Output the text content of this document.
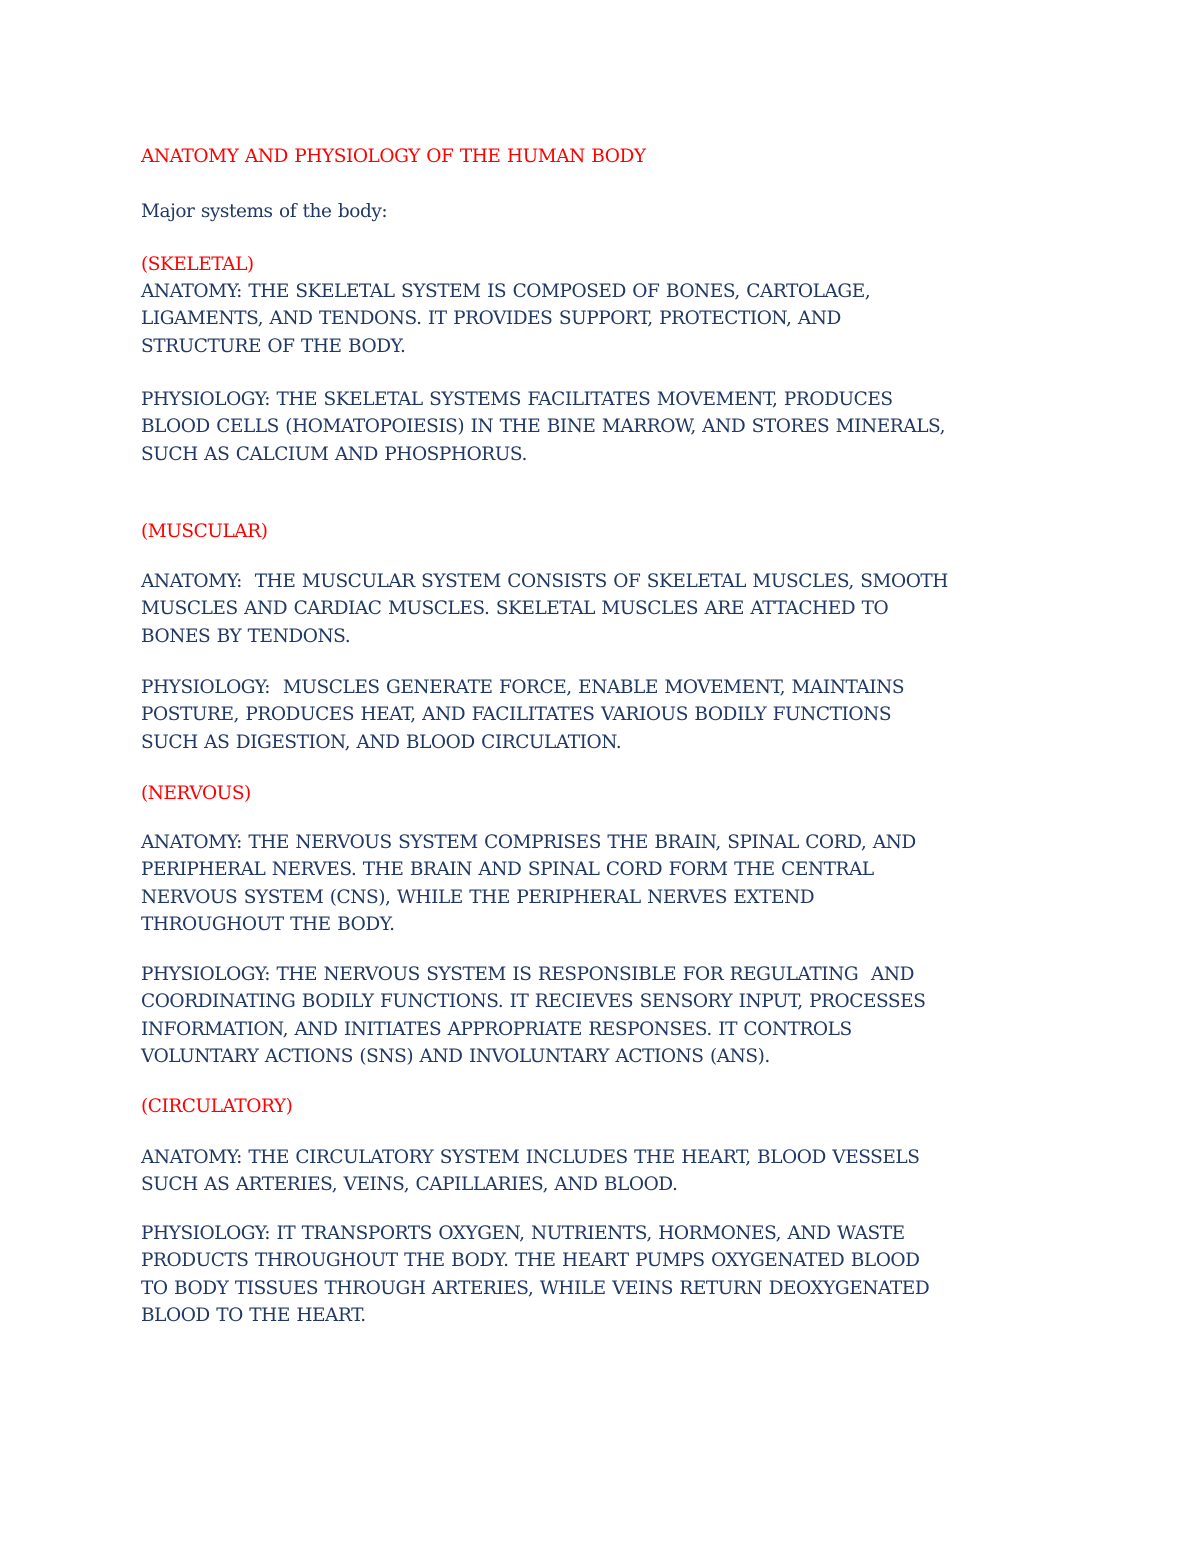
ANATOMY AND PHYSIOLOGY OF THE HUMAN BODY

Major systems of the body:

(SKELETAL)

ANATOMY: THE SKELETAL SYSTEM IS COMPOSED OF BONES, CARTOLAGE,
LIGAMENTS, AND TENDONS. IT PROVIDES SUPPORT, PROTECTION, AND
STRUCTURE OF THE BODY.

PHYSIOLOGY: THE SKELETAL SYSTEMS FACILITATES MOVEMENT, PRODUCES
BLOOD CELLS (HOMATOPOIESIS) IN THE BINE MARROW, AND STORES MINERALS,
SUCH AS CALCIUM AND PHOSPHORUS.

(MUSCULAR)

ANATOMY:  THE MUSCULAR SYSTEM CONSISTS OF SKELETAL MUSCLES, SMOOTH
MUSCLES AND CARDIAC MUSCLES. SKELETAL MUSCLES ARE ATTACHED TO
BONES BY TENDONS.

PHYSIOLOGY:  MUSCLES GENERATE FORCE, ENABLE MOVEMENT, MAINTAINS
POSTURE, PRODUCES HEAT, AND FACILITATES VARIOUS BODILY FUNCTIONS
SUCH AS DIGESTION, AND BLOOD CIRCULATION.

(NERVOUS)

ANATOMY: THE NERVOUS SYSTEM COMPRISES THE BRAIN, SPINAL CORD, AND
PERIPHERAL NERVES. THE BRAIN AND SPINAL CORD FORM THE CENTRAL
NERVOUS SYSTEM (CNS), WHILE THE PERIPHERAL NERVES EXTEND
THROUGHOUT THE BODY.

PHYSIOLOGY: THE NERVOUS SYSTEM IS RESPONSIBLE FOR REGULATING  AND
COORDINATING BODILY FUNCTIONS. IT RECIEVES SENSORY INPUT, PROCESSES
INFORMATION, AND INITIATES APPROPRIATE RESPONSES. IT CONTROLS
VOLUNTARY ACTIONS (SNS) AND INVOLUNTARY ACTIONS (ANS).

(CIRCULATORY)

ANATOMY: THE CIRCULATORY SYSTEM INCLUDES THE HEART, BLOOD VESSELS
SUCH AS ARTERIES, VEINS, CAPILLARIES, AND BLOOD.

PHYSIOLOGY: IT TRANSPORTS OXYGEN, NUTRIENTS, HORMONES, AND WASTE
PRODUCTS THROUGHOUT THE BODY. THE HEART PUMPS OXYGENATED BLOOD
TO BODY TISSUES THROUGH ARTERIES, WHILE VEINS RETURN DEOXYGENATED
BLOOD TO THE HEART.
